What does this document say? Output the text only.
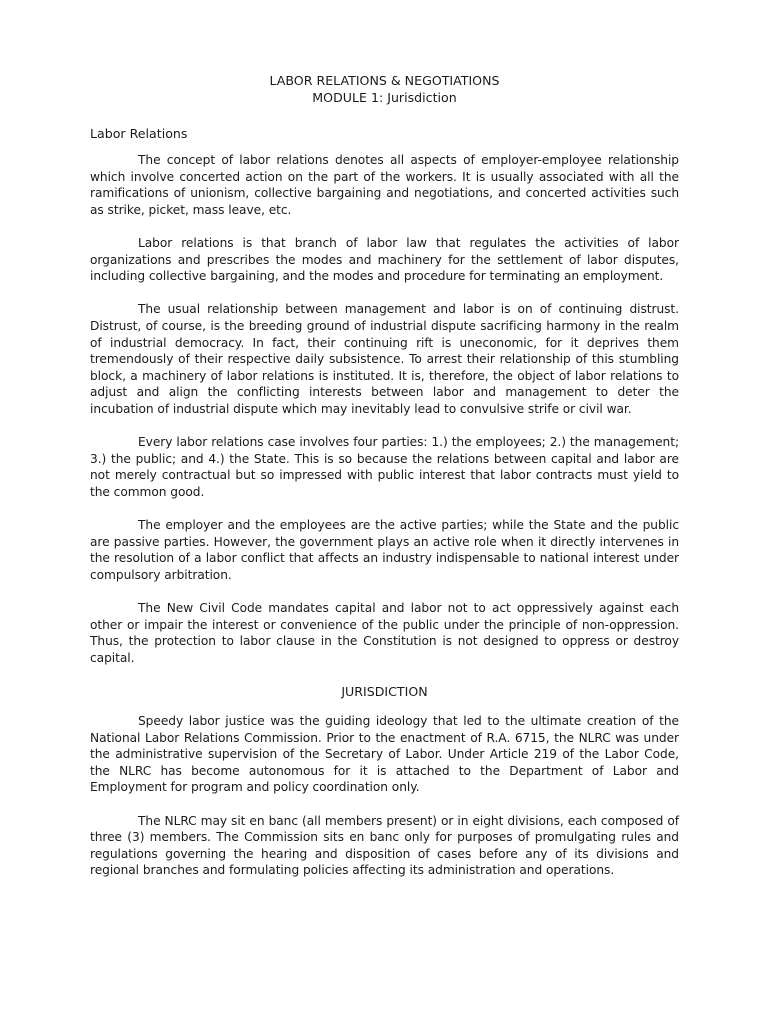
LABOR RELATIONS & NEGOTIATIONS
MODULE 1: Jurisdiction
Labor Relations

The concept of labor relations denotes all aspects of employer-employee relationship which involve concerted action on the part of the workers. It is usually associated with all the ramifications of unionism, collective bargaining and negotiations, and concerted activities such as strike, picket, mass leave, etc.

Labor relations is that branch of labor law that regulates the activities of labor organizations and prescribes the modes and machinery for the settlement of labor disputes, including collective bargaining, and the modes and procedure for terminating an employment.

The usual relationship between management and labor is on of continuing distrust. Distrust, of course, is the breeding ground of industrial dispute sacrificing harmony in the realm of industrial democracy. In fact, their continuing rift is uneconomic, for it deprives them tremendously of their respective daily subsistence. To arrest their relationship of this stumbling block, a machinery of labor relations is instituted. It is, therefore, the object of labor relations to adjust and align the conflicting interests between labor and management to deter the incubation of industrial dispute which may inevitably lead to convulsive strife or civil war.

Every labor relations case involves four parties: 1.) the employees; 2.) the management; 3.) the public; and 4.) the State. This is so because the relations between capital and labor are not merely contractual but so impressed with public interest that labor contracts must yield to the common good.

The employer and the employees are the active parties; while the State and the public are passive parties. However, the government plays an active role when it directly intervenes in the resolution of a labor conflict that affects an industry indispensable to national interest under compulsory arbitration.

The New Civil Code mandates capital and labor not to act oppressively against each other or impair the interest or convenience of the public under the principle of non-oppression. Thus, the protection to labor clause in the Constitution is not designed to oppress or destroy capital.

JURISDICTION

Speedy labor justice was the guiding ideology that led to the ultimate creation of the National Labor Relations Commission. Prior to the enactment of R.A. 6715, the NLRC was under the administrative supervision of the Secretary of Labor. Under Article 219 of the Labor Code, the NLRC has become autonomous for it is attached to the Department of Labor and Employment for program and policy coordination only.

The NLRC may sit en banc (all members present) or in eight divisions, each composed of three (3) members. The Commission sits en banc only for purposes of promulgating rules and regulations governing the hearing and disposition of cases before any of its divisions and regional branches and formulating policies affecting its administration and operations.
